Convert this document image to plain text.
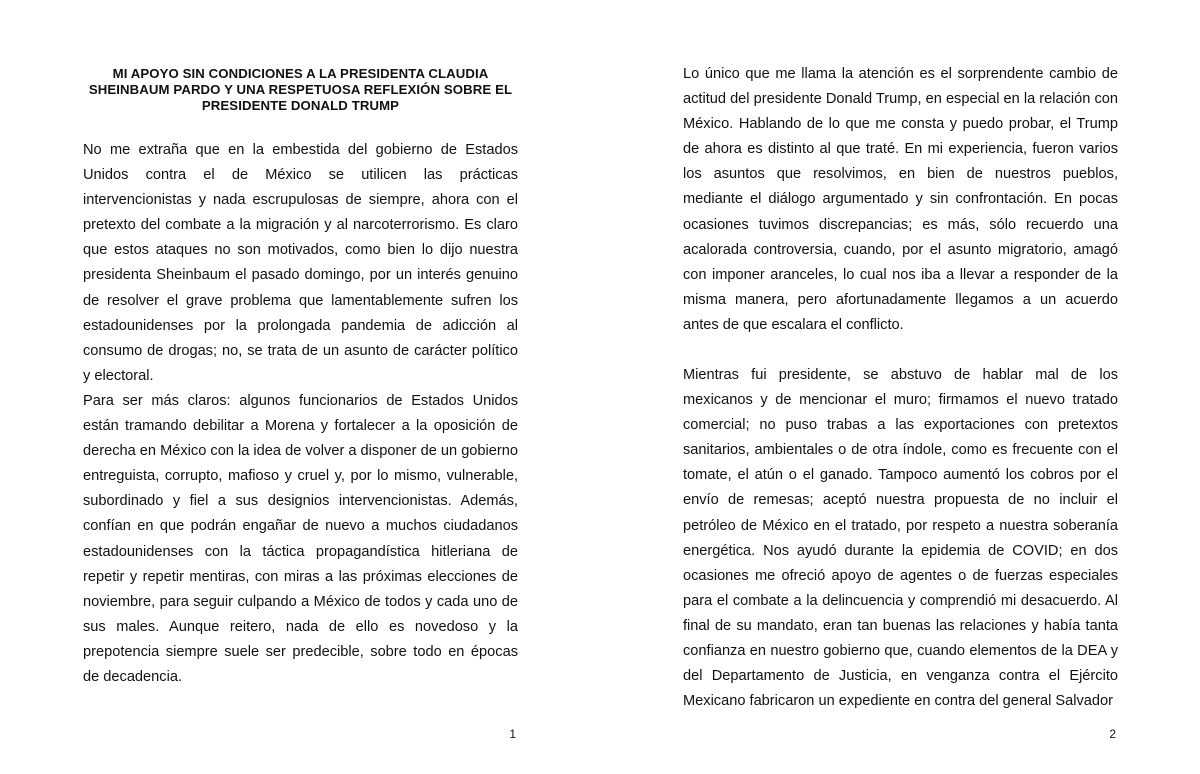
MI APOYO SIN CONDICIONES A LA PRESIDENTA CLAUDIA SHEINBAUM PARDO Y UNA RESPETUOSA REFLEXIÓN SOBRE EL PRESIDENTE DONALD TRUMP

No me extraña que en la embestida del gobierno de Estados Unidos contra el de México se utilicen las prácticas intervencionistas y nada escrupulosas de siempre, ahora con el pretexto del combate a la migración y al narcoterrorismo. Es claro que estos ataques no son motivados, como bien lo dijo nuestra presidenta Sheinbaum el pasado domingo, por un interés genuino de resolver el grave problema que lamentablemente sufren los estadounidenses por la prolongada pandemia de adicción al consumo de drogas; no, se trata de un asunto de carácter político y electoral.

Para ser más claros: algunos funcionarios de Estados Unidos están tramando debilitar a Morena y fortalecer a la oposición de derecha en México con la idea de volver a disponer de un gobierno entreguista, corrupto, mafioso y cruel y, por lo mismo, vulnerable, subordinado y fiel a sus designios intervencionistas. Además, confían en que podrán engañar de nuevo a muchos ciudadanos estadounidenses con la táctica propagandística hitleriana de repetir y repetir mentiras, con miras a las próximas elecciones de noviembre, para seguir culpando a México de todos y cada uno de sus males. Aunque reitero, nada de ello es novedoso y la prepotencia siempre suele ser predecible, sobre todo en épocas de decadencia.

1

Lo único que me llama la atención es el sorprendente cambio de actitud del presidente Donald Trump, en especial en la relación con México. Hablando de lo que me consta y puedo probar, el Trump de ahora es distinto al que traté. En mi experiencia, fueron varios los asuntos que resolvimos, en bien de nuestros pueblos, mediante el diálogo argumentado y sin confrontación. En pocas ocasiones tuvimos discrepancias; es más, sólo recuerdo una acalorada controversia, cuando, por el asunto migratorio, amagó con imponer aranceles, lo cual nos iba a llevar a responder de la misma manera, pero afortunadamente llegamos a un acuerdo antes de que escalara el conflicto.

Mientras fui presidente, se abstuvo de hablar mal de los mexicanos y de mencionar el muro; firmamos el nuevo tratado comercial; no puso trabas a las exportaciones con pretextos sanitarios, ambientales o de otra índole, como es frecuente con el tomate, el atún o el ganado. Tampoco aumentó los cobros por el envío de remesas; aceptó nuestra propuesta de no incluir el petróleo de México en el tratado, por respeto a nuestra soberanía energética. Nos ayudó durante la epidemia de COVID; en dos ocasiones me ofreció apoyo de agentes o de fuerzas especiales para el combate a la delincuencia y comprendió mi desacuerdo. Al final de su mandato, eran tan buenas las relaciones y había tanta confianza en nuestro gobierno que, cuando elementos de la DEA y del Departamento de Justicia, en venganza contra el Ejército Mexicano fabricaron un expediente en contra del general Salvador

2
